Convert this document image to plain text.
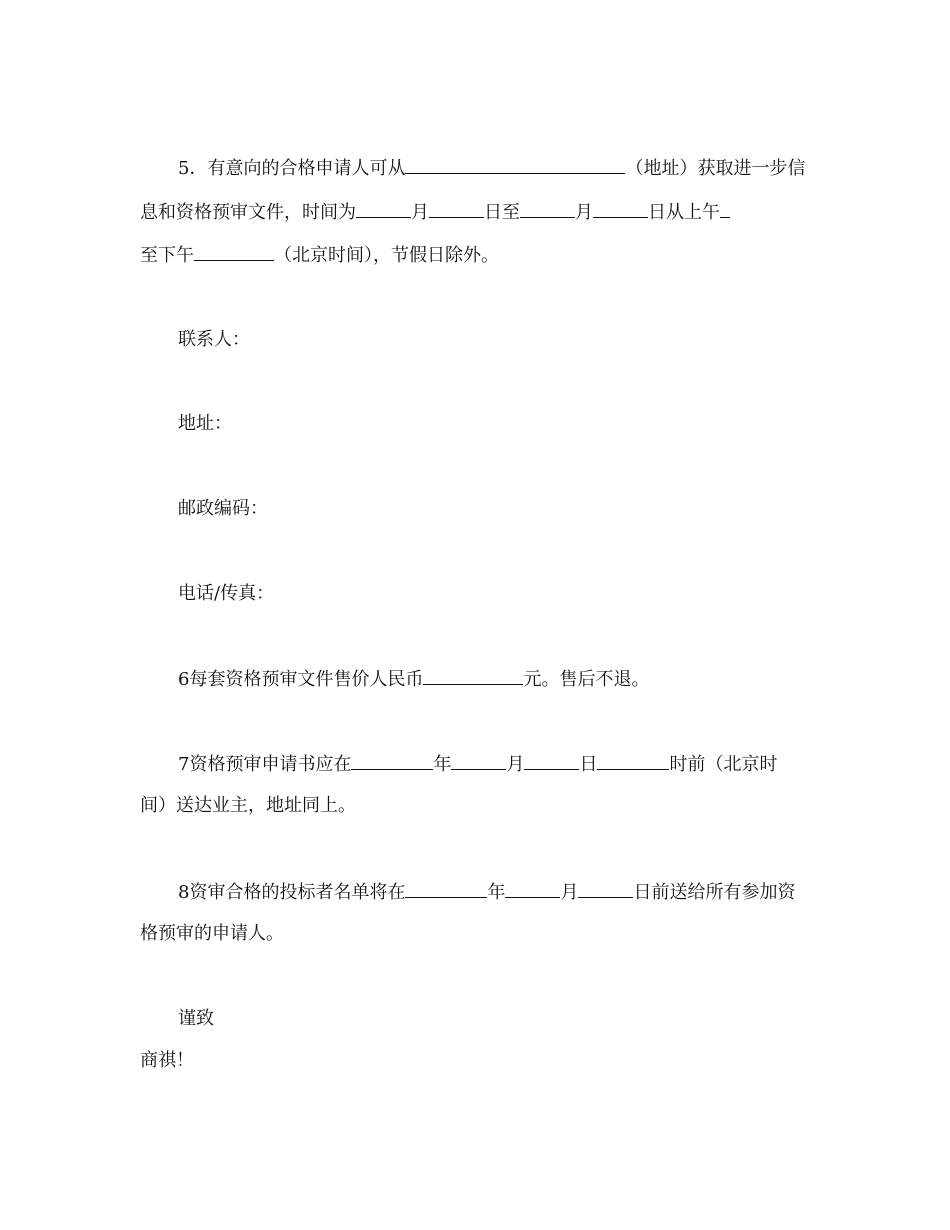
5．有意向的合格申请人可从	（地址）获取进一步信
息和资格预审文件，时间为	月	日至	月	日从上午
至下午	（北京时间），节假日除外。
联系人：
地址：
邮政编码：
电话/传真：
6每套资格预审文件售价人民币	元。售后不退。
7资格预审申请书应在	年	月	日	时前（北京时
间）送达业主，地址同上。
8资审合格的投标者名单将在	年	月	日前送给所有参加资
格预审的申请人。
谨致
商祺！
